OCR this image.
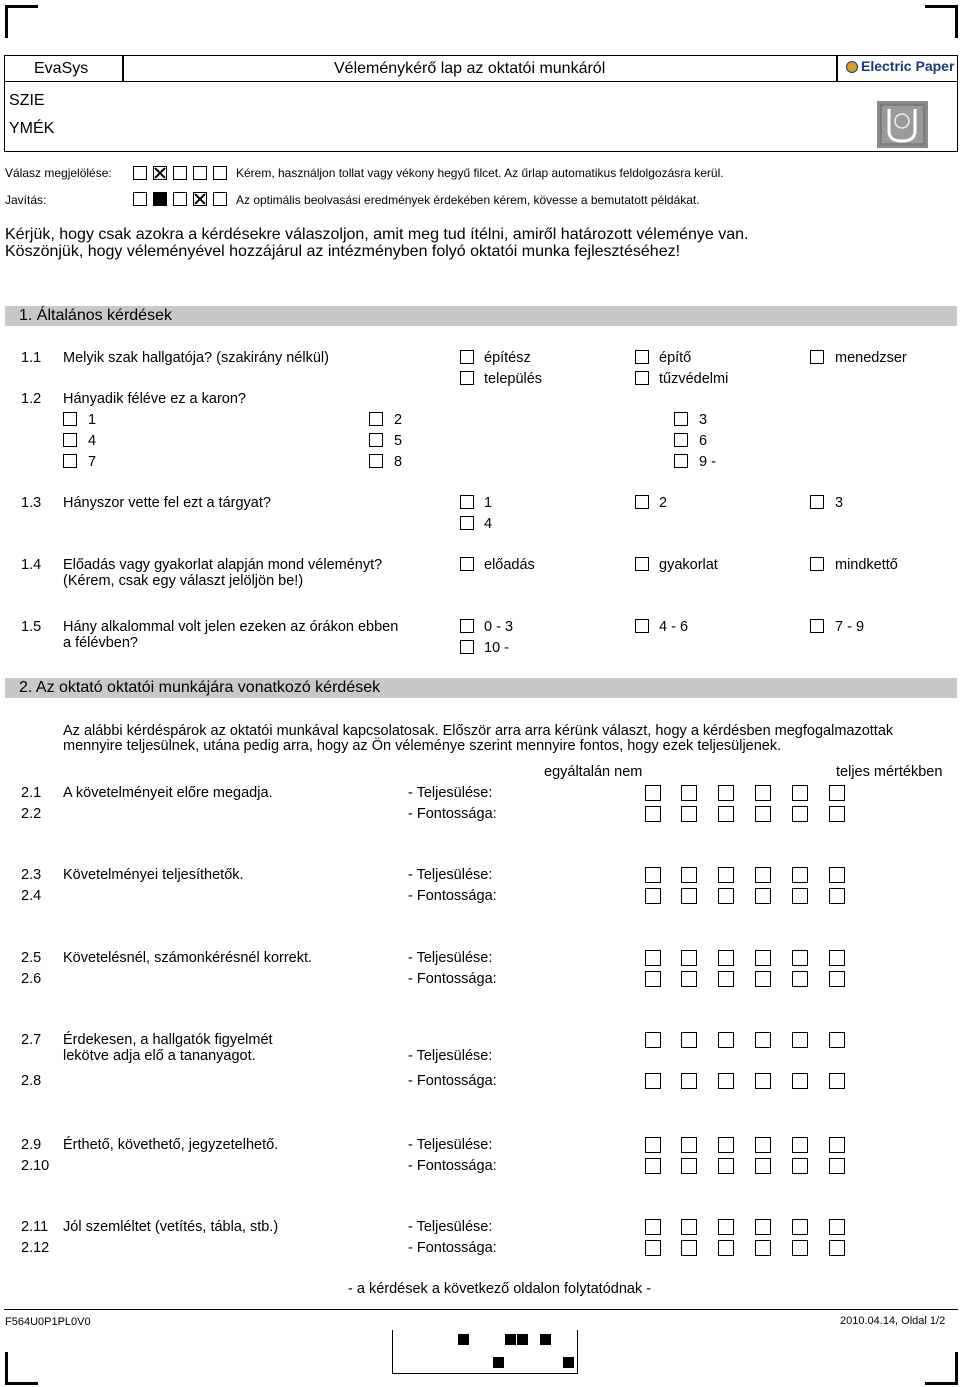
EvaSys	Véleménykérő lap az oktatói munkáról	Electric Paper
SZIE
YMÉK
Válasz megjelölése:	Kérem, használjon tollat vagy vékony hegyű filcet. Az űrlap automatikus feldolgozásra kerül.
Javítás:	Az optimális beolvasási eredmények érdekében kérem, kövesse a bemutatott példákat.
Kérjük, hogy csak azokra a kérdésekre válaszoljon, amit meg tud ítélni, amiről határozott véleménye van.
Köszönjük, hogy véleményével hozzájárul az intézményben folyó oktatói munka fejlesztéséhez!
1. Általános kérdések
1.1 Melyik szak hallgatója? (szakirány nélkül)	építész	építő	menedzser
település	tűzvédelmi
1.2 Hányadik féléve ez a karon?
1	2	3
4	5	6
7	8	9 -
1.3 Hányszor vette fel ezt a tárgyat?	1	2	3
4
1.4 Előadás vagy gyakorlat alapján mond véleményt?
(Kérem, csak egy választ jelöljön be!)
előadás	gyakorlat	mindkettő
1.5 Hány alkalommal volt jelen ezeken az órákon ebben
a félévben?
0 - 3	4 - 6	7 - 9
10 -
2. Az oktató oktatói munkájára vonatkozó kérdések
Az alábbi kérdéspárok az oktatói munkával kapcsolatosak. Először arra arra kérünk választ, hogy a kérdésben megfogalmazottak
mennyire teljesülnek, utána pedig arra, hogy az Ön véleménye szerint mennyire fontos, hogy ezek teljesüljenek.
egyáltalán nem	teljes mértékben
2.1 A követelményeit előre megadja.	- Teljesülése:
2.2	- Fontossága:
2.3 Követelményei teljesíthetők.	- Teljesülése:
2.4	- Fontossága:
2.5 Követelésnél, számonkérésnél korrekt.	- Teljesülése:
2.6	- Fontossága:
2.7 Érdekesen, a hallgatók figyelmét
lekötve adja elő a tananyagot.	- Teljesülése:
2.8	- Fontossága:
2.9 Érthető, követhető, jegyzetelhető.	- Teljesülése:
2.10	- Fontossága:
2.11 Jól szemléltet (vetítés, tábla, stb.)	- Teljesülése:
2.12	- Fontossága:
- a kérdések a következő oldalon folytatódnak -
F564U0P1PL0V0	2010.04.14, Oldal 1/2
